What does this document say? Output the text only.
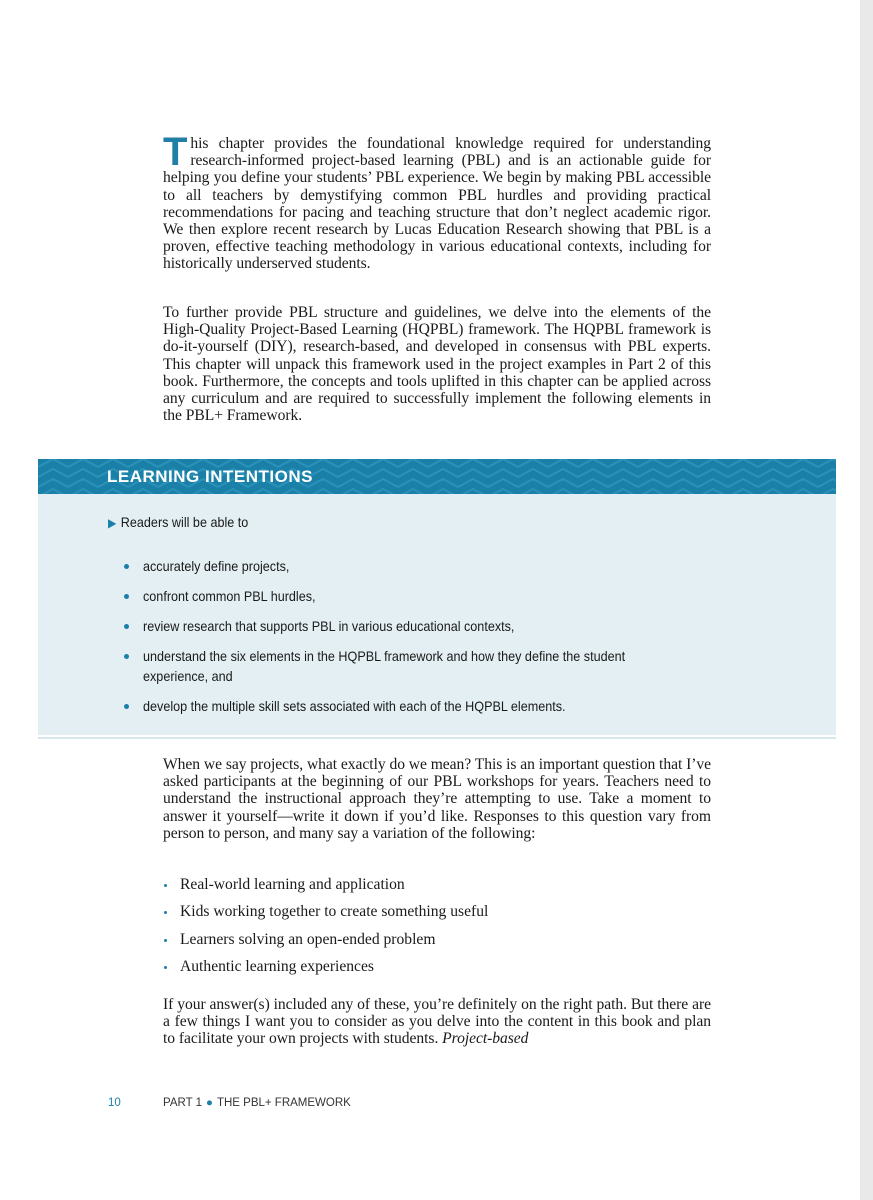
This chapter provides the foundational knowledge required for understanding research-informed project-based learning (PBL) and is an actionable guide for helping you define your students’ PBL experience. We begin by making PBL accessible to all teachers by demystifying common PBL hurdles and providing practical recommendations for pacing and teaching structure that don’t neglect academic rigor. We then explore recent research by Lucas Education Research showing that PBL is a proven, effective teaching methodology in various educational contexts, including for historically underserved students.

To further provide PBL structure and guidelines, we delve into the elements of the High-Quality Project-Based Learning (HQPBL) framework. The HQPBL framework is do-it-yourself (DIY), research-based, and developed in consensus with PBL experts. This chapter will unpack this framework used in the project examples in Part 2 of this book. Furthermore, the concepts and tools uplifted in this chapter can be applied across any curriculum and are required to successfully implement the following elements in the PBL+ Framework.

LEARNING INTENTIONS
▶ Readers will be able to
accurately define projects,
confront common PBL hurdles,
review research that supports PBL in various educational contexts,
understand the six elements in the HQPBL framework and how they define the student experience, and
develop the multiple skill sets associated with each of the HQPBL elements.

When we say projects, what exactly do we mean? This is an important question that I’ve asked participants at the beginning of our PBL workshops for years. Teachers need to understand the instructional approach they’re attempting to use. Take a moment to answer it yourself—write it down if you’d like. Responses to this question vary from person to person, and many say a variation of the following:

Real-world learning and application
Kids working together to create something useful
Learners solving an open-ended problem
Authentic learning experiences

If your answer(s) included any of these, you’re definitely on the right path. But there are a few things I want you to consider as you delve into the content in this book and plan to facilitate your own projects with students. Project-based

10	PART 1 ● THE PBL+ FRAMEWORK
